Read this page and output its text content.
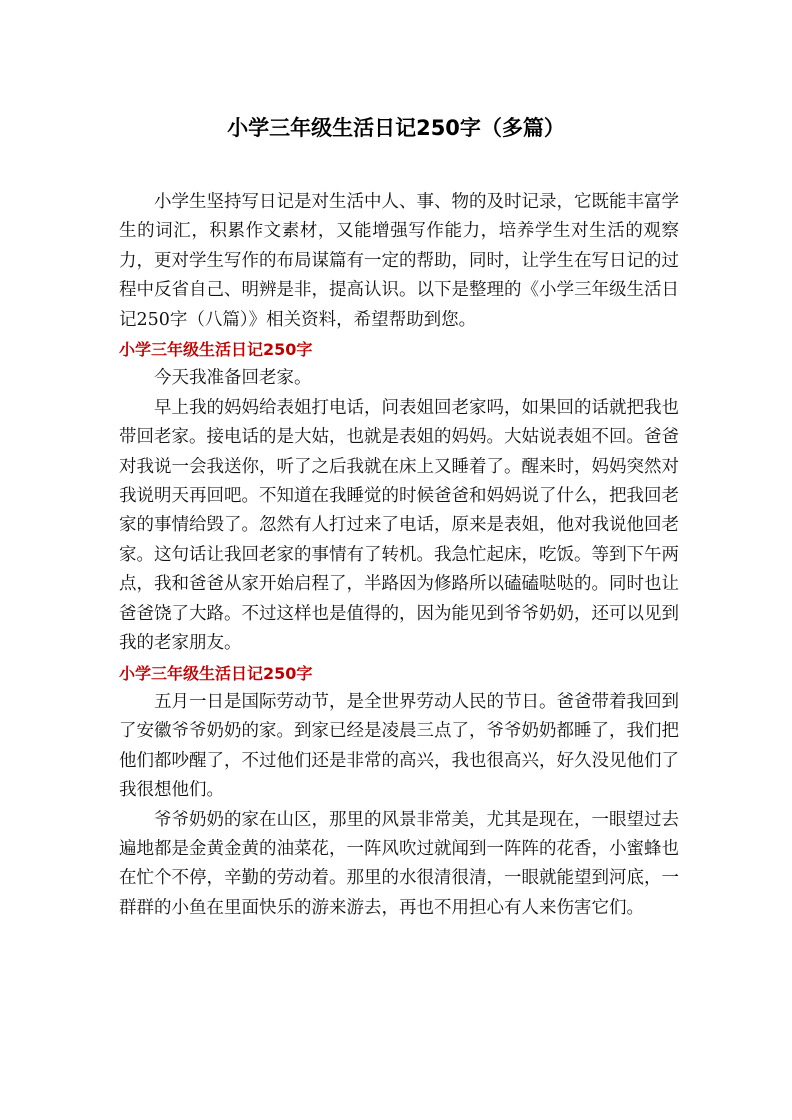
小学三年级生活日记250字（多篇）

小学生坚持写日记是对生活中人、事、物的及时记录，它既能丰富学生的词汇，积累作文素材，又能增强写作能力，培养学生对生活的观察力，更对学生写作的布局谋篇有一定的帮助，同时，让学生在写日记的过程中反省自己、明辨是非，提高认识。以下是整理的《小学三年级生活日记250字（八篇）》相关资料，希望帮助到您。

小学三年级生活日记250字

今天我准备回老家。

早上我的妈妈给表姐打电话，问表姐回老家吗，如果回的话就把我也带回老家。接电话的是大姑，也就是表姐的妈妈。大姑说表姐不回。爸爸对我说一会我送你，听了之后我就在床上又睡着了。醒来时，妈妈突然对我说明天再回吧。不知道在我睡觉的时候爸爸和妈妈说了什么，把我回老家的事情给毁了。忽然有人打过来了电话，原来是表姐，他对我说他回老家。这句话让我回老家的事情有了转机。我急忙起床，吃饭。等到下午两点，我和爸爸从家开始启程了，半路因为修路所以磕磕哒哒的。同时也让爸爸饶了大路。不过这样也是值得的，因为能见到爷爷奶奶，还可以见到我的老家朋友。

小学三年级生活日记250字

五月一日是国际劳动节，是全世界劳动人民的节日。爸爸带着我回到了安徽爷爷奶奶的家。到家已经是凌晨三点了，爷爷奶奶都睡了，我们把他们都吵醒了，不过他们还是非常的高兴，我也很高兴，好久没见他们了我很想他们。

爷爷奶奶的家在山区，那里的风景非常美，尤其是现在，一眼望过去遍地都是金黄金黄的油菜花，一阵风吹过就闻到一阵阵的花香，小蜜蜂也在忙个不停，辛勤的劳动着。那里的水很清很清，一眼就能望到河底，一群群的小鱼在里面快乐的游来游去，再也不用担心有人来伤害它们。
